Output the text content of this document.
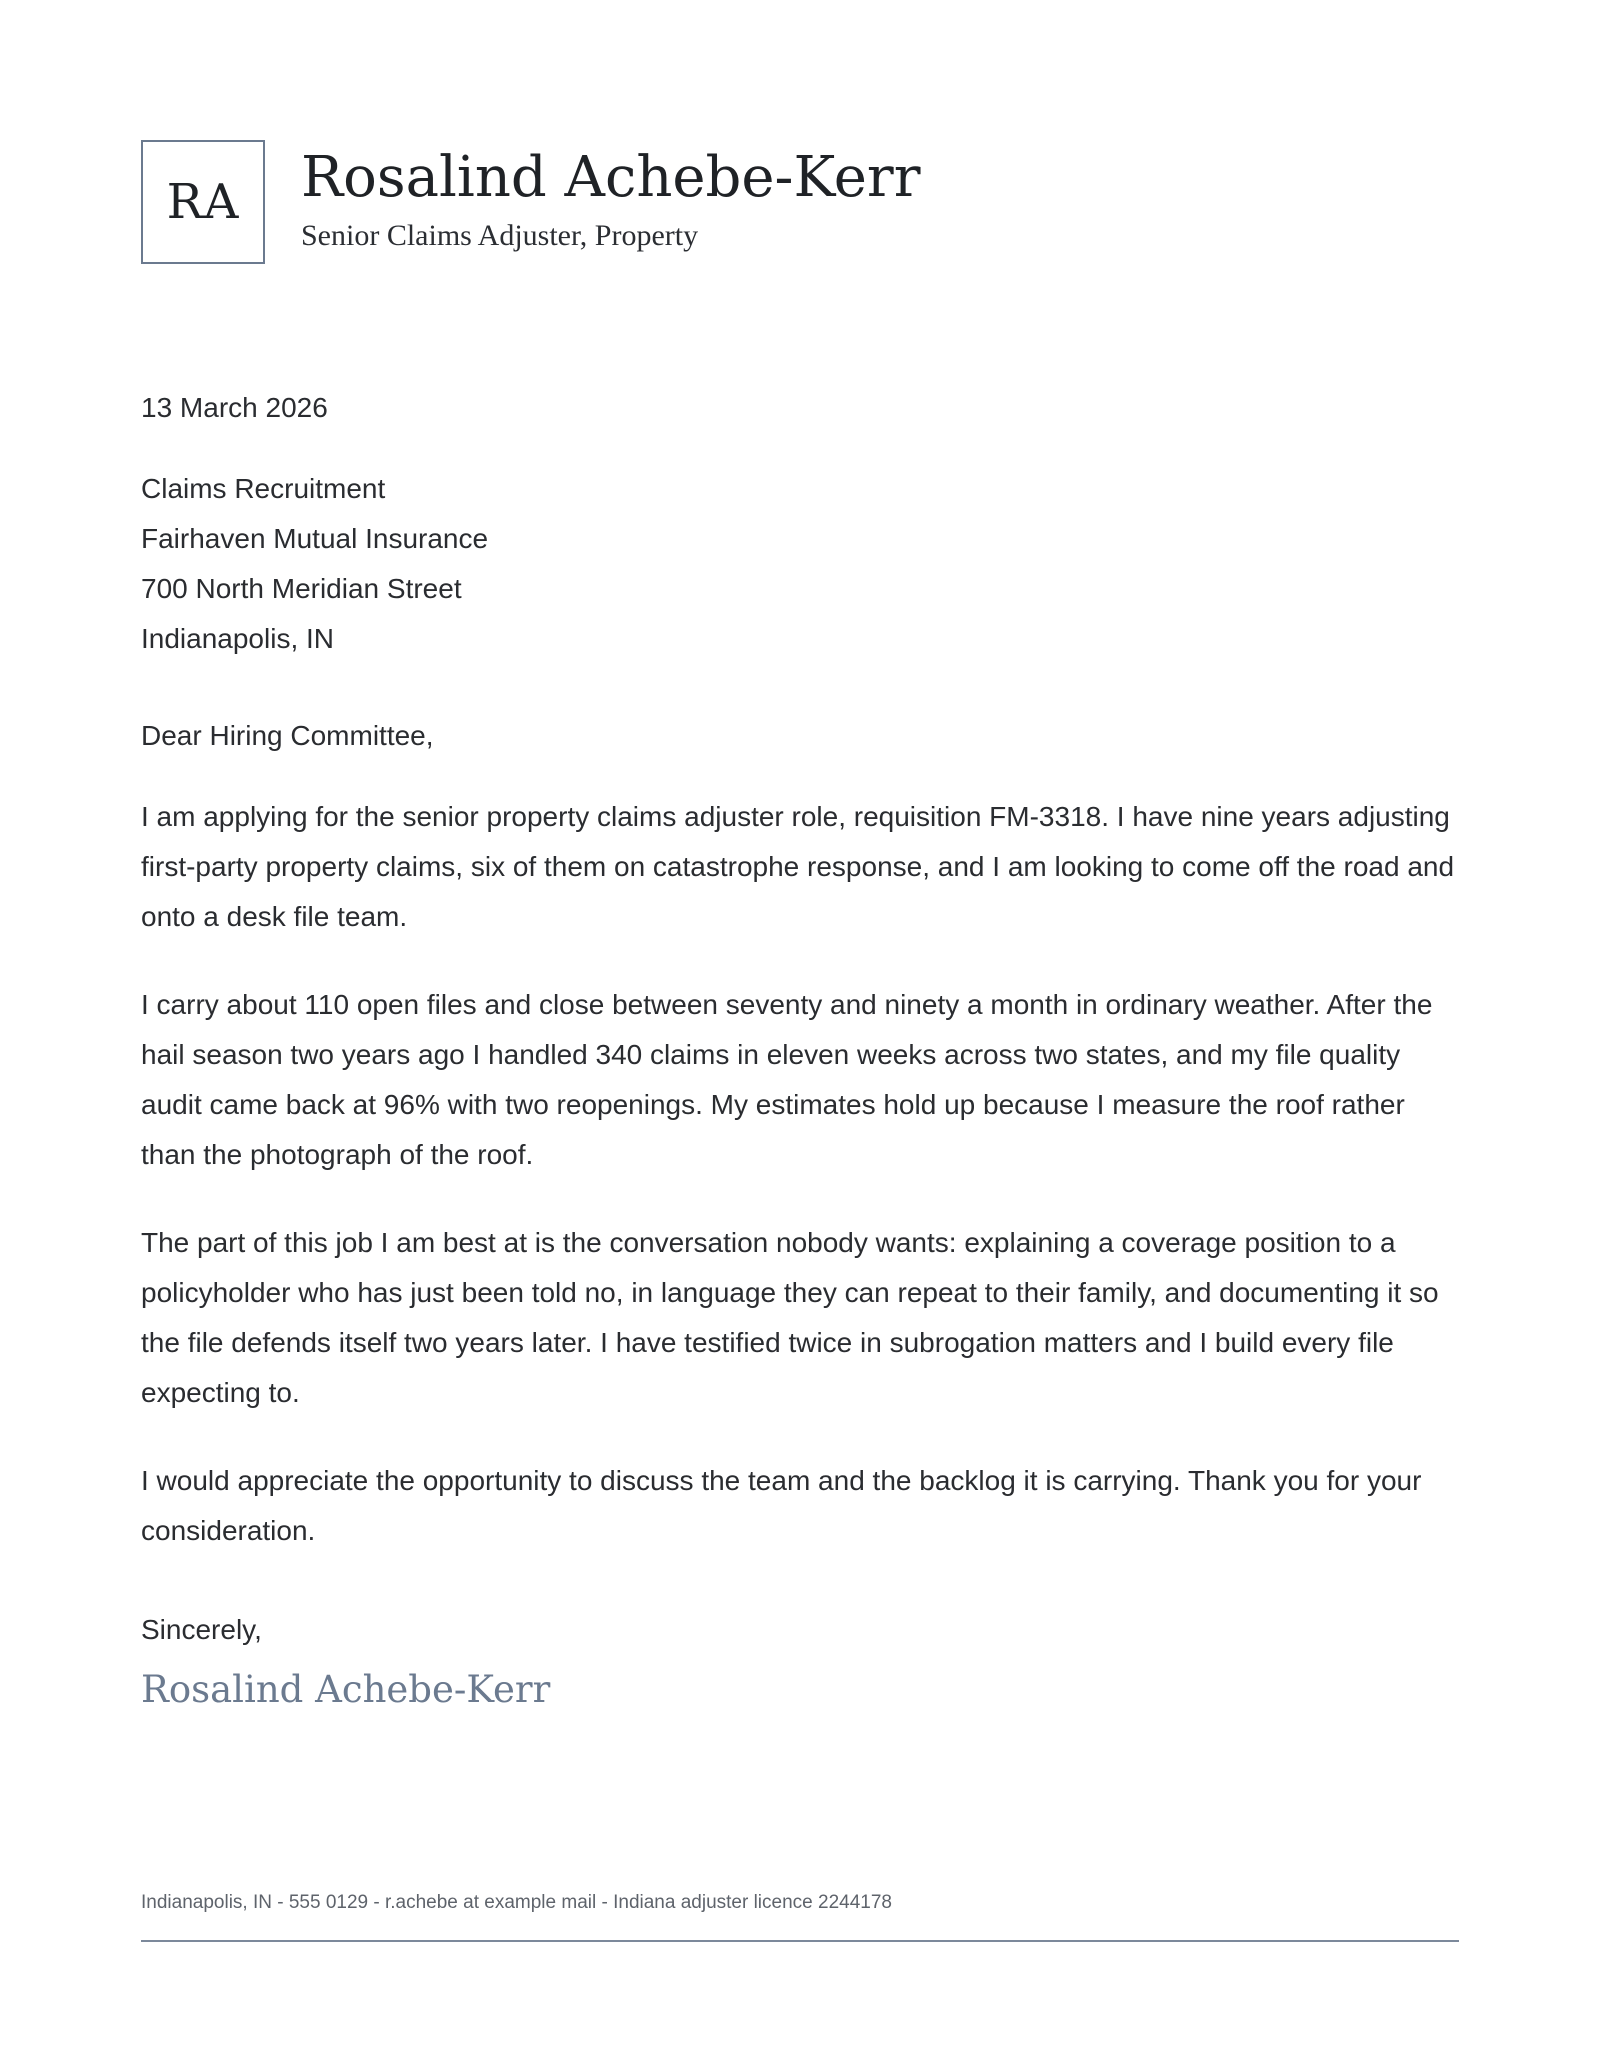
RA	Rosalind Achebe-Kerr
Senior Claims Adjuster, Property
13 March 2026
Claims Recruitment
Fairhaven Mutual Insurance
700 North Meridian Street
Indianapolis, IN
Dear Hiring Committee,
I am applying for the senior property claims adjuster role, requisition FM-3318. I have nine years adjusting first-party property claims, six of them on catastrophe response, and I am looking to come off the road and onto a desk file team.
I carry about 110 open files and close between seventy and ninety a month in ordinary weather. After the hail season two years ago I handled 340 claims in eleven weeks across two states, and my file quality audit came back at 96% with two reopenings. My estimates hold up because I measure the roof rather than the photograph of the roof.
The part of this job I am best at is the conversation nobody wants: explaining a coverage position to a policyholder who has just been told no, in language they can repeat to their family, and documenting it so the file defends itself two years later. I have testified twice in subrogation matters and I build every file expecting to.
I would appreciate the opportunity to discuss the team and the backlog it is carrying. Thank you for your consideration.
Sincerely,
Rosalind Achebe-Kerr
Indianapolis, IN - 555 0129 - r.achebe at example mail - Indiana adjuster licence 2244178
